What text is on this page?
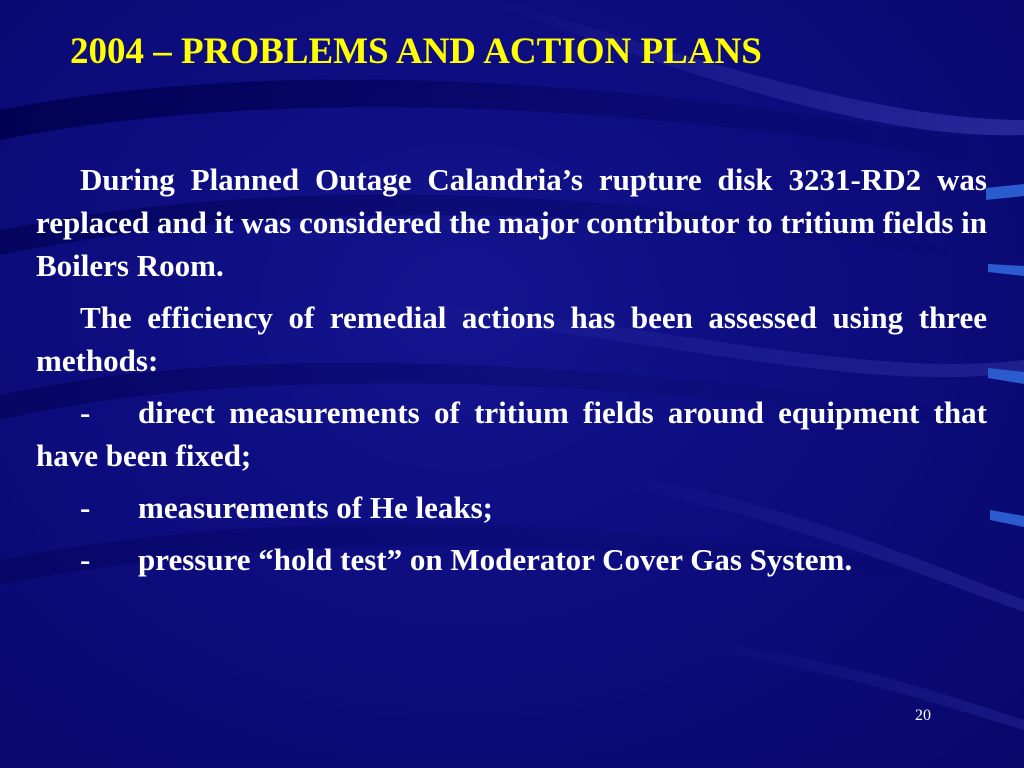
2004 – PROBLEMS AND ACTION PLANS

During Planned Outage Calandria’s rupture disk 3231-RD2 was replaced and it was considered the major contributor to tritium fields in Boilers Room.

The efficiency of remedial actions has been assessed using three methods:

- direct measurements of tritium fields around equipment that have been fixed;

- measurements of He leaks;

- pressure “hold test” on Moderator Cover Gas System.

20
